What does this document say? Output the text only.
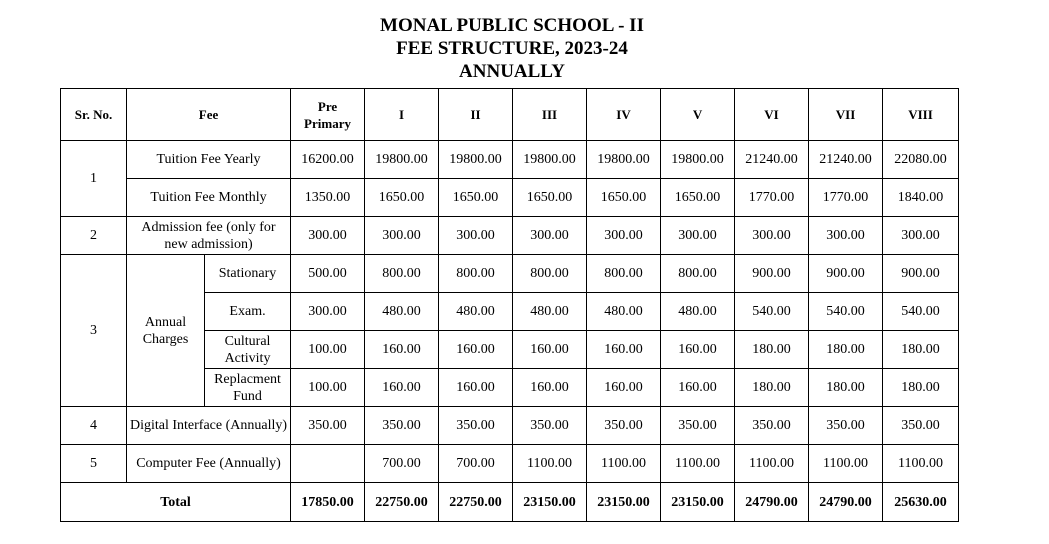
MONAL PUBLIC SCHOOL - II
FEE STRUCTURE, 2023-24
ANNUALLY
Sr. No.	Fee		Pre Primary	I	II	III	IV	V	VI	VII	VIII
1	Tuition Fee Yearly		16200.00	19800.00	19800.00	19800.00	19800.00	19800.00	21240.00	21240.00	22080.00
	Tuition Fee Monthly		1350.00	1650.00	1650.00	1650.00	1650.00	1650.00	1770.00	1770.00	1840.00
2	Admission fee (only for new admission)		300.00	300.00	300.00	300.00	300.00	300.00	300.00	300.00	300.00
3	Annual Charges	Stationary	500.00	800.00	800.00	800.00	800.00	800.00	900.00	900.00	900.00
		Exam.	300.00	480.00	480.00	480.00	480.00	480.00	540.00	540.00	540.00
		Cultural Activity	100.00	160.00	160.00	160.00	160.00	160.00	180.00	180.00	180.00
		Replacment Fund	100.00	160.00	160.00	160.00	160.00	160.00	180.00	180.00	180.00
4	Digital Interface (Annually)		350.00	350.00	350.00	350.00	350.00	350.00	350.00	350.00	350.00
5	Computer Fee (Annually)			700.00	700.00	1100.00	1100.00	1100.00	1100.00	1100.00	1100.00
Total			17850.00	22750.00	22750.00	23150.00	23150.00	23150.00	24790.00	24790.00	25630.00
